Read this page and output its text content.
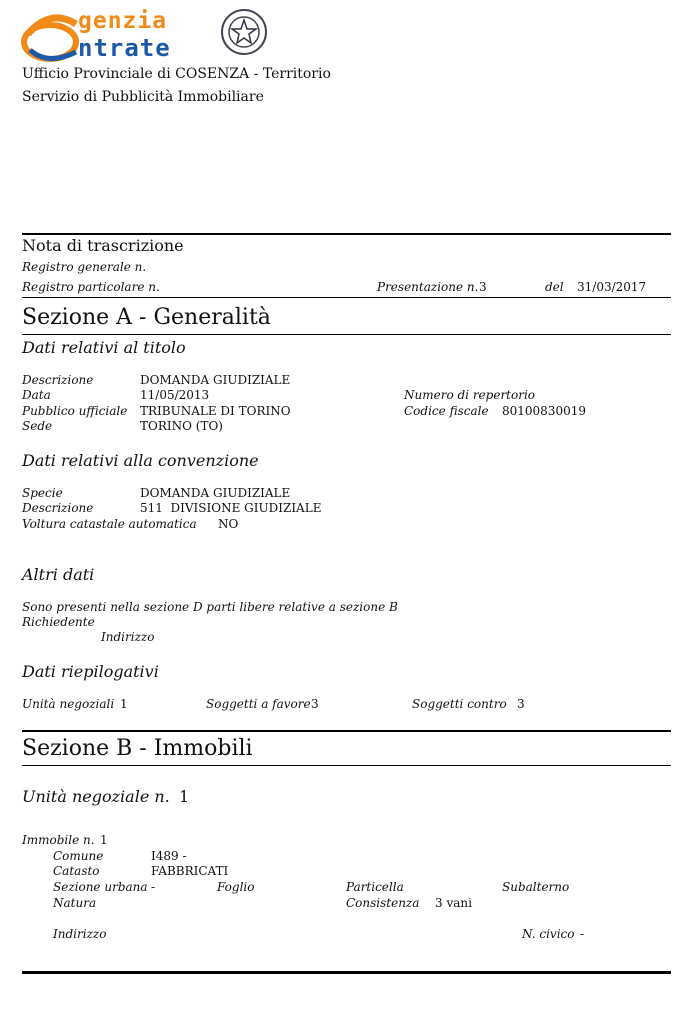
genzia
ntrate
Ufficio Provinciale di COSENZA - Territorio
Servizio di Pubblicità Immobiliare
Nota di trascrizione
Registro generale n.
Registro particolare n.	Presentazione n. 3	del 31/03/2017
Sezione A - Generalità
Dati relativi al titolo
Descrizione	DOMANDA GIUDIZIALE
Data	11/05/2013	Numero di repertorio
Pubblico ufficiale TRIBUNALE DI TORINO	Codice fiscale 80100830019
Sede	TORINO (TO)
Dati relativi alla convenzione
Specie	DOMANDA GIUDIZIALE
Descrizione	511  DIVISIONE GIUDIZIALE
Voltura catastale automatica NO
Altri dati
Sono presenti nella sezione D parti libere relative a sezione B
Richiedente
Indirizzo
Dati riepilogativi
Unità negoziali 1	Soggetti a favore 3	Soggetti contro 3
Sezione B - Immobili
Unità negoziale n. 1
Immobile n. 1
Comune	I489 -
Catasto	FABBRICATI
Sezione urbana -	Foglio	Particella	Subalterno
Natura	Consistenza 3 vani
Indirizzo	N. civico -
